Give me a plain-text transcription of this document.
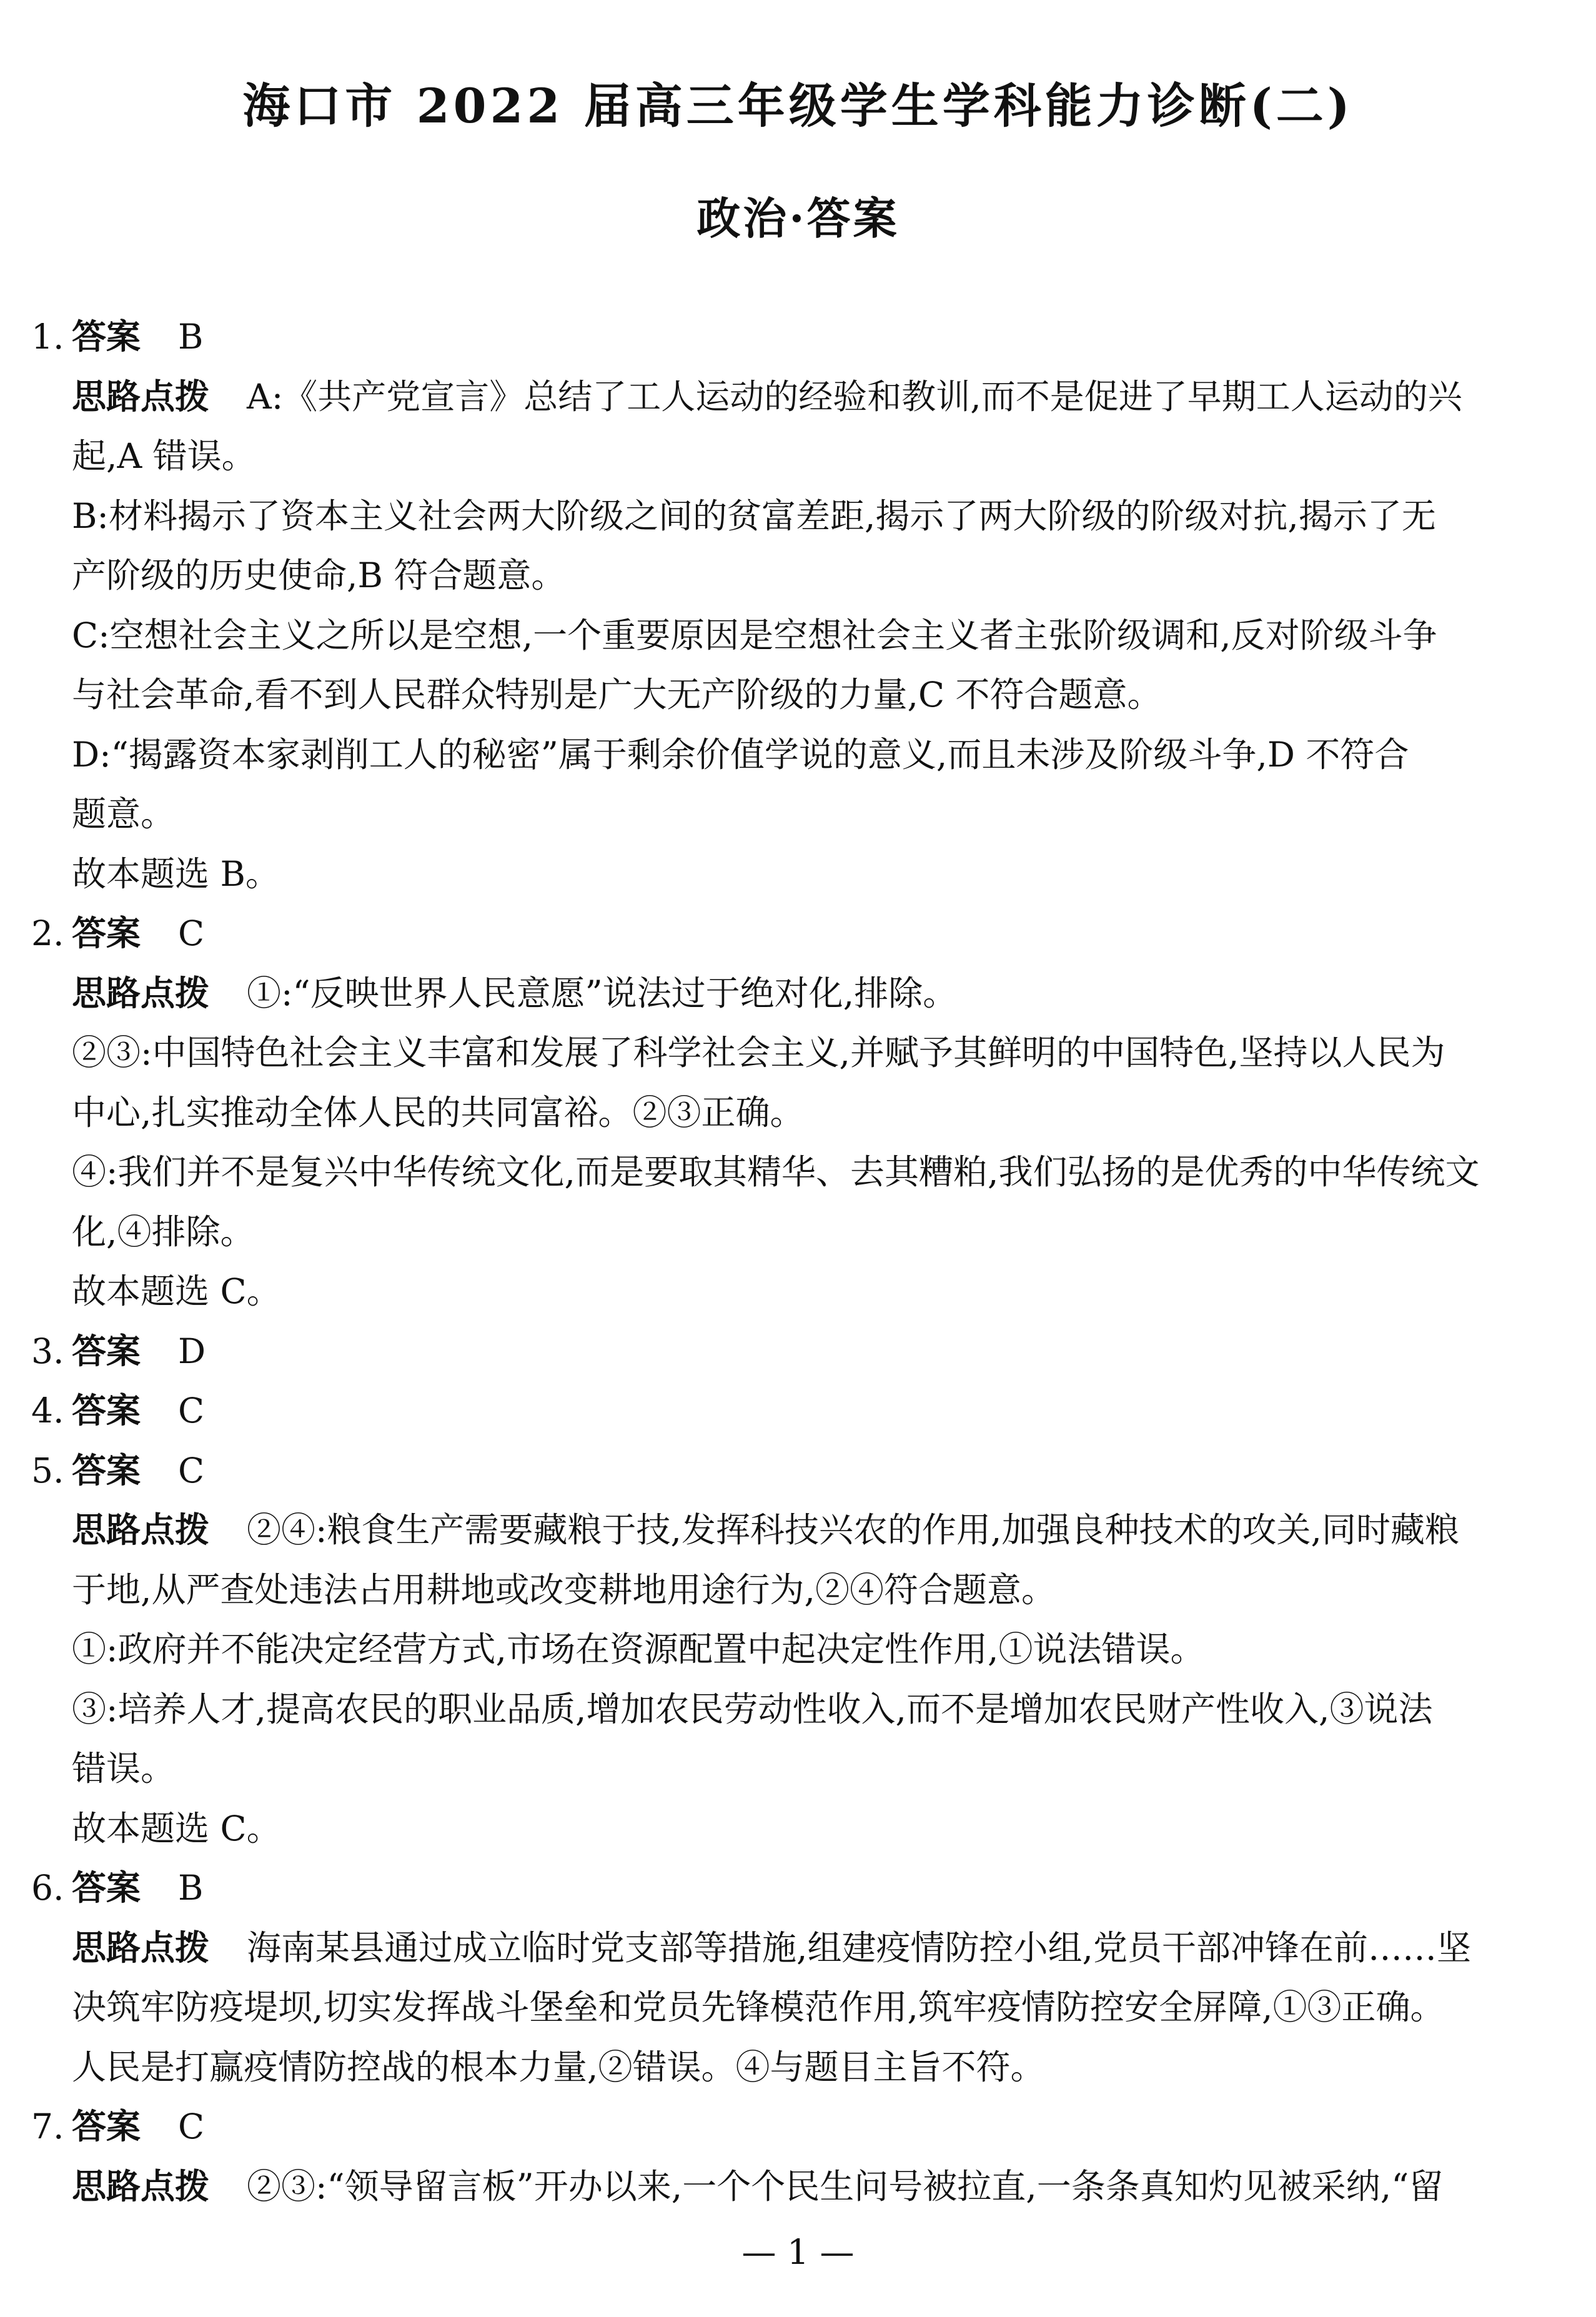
海口市 2022 届高三年级学生学科能力诊断(二)
政治·答案
1. 答案 B
思路点拨 A:《共产党宣言》总结了工人运动的经验和教训,而不是促进了早期工人运动的兴
起,A 错误。
B:材料揭示了资本主义社会两大阶级之间的贫富差距,揭示了两大阶级的阶级对抗,揭示了无
产阶级的历史使命,B 符合题意。
C:空想社会主义之所以是空想,一个重要原因是空想社会主义者主张阶级调和,反对阶级斗争
与社会革命,看不到人民群众特别是广大无产阶级的力量,C 不符合题意。
D:“揭露资本家剥削工人的秘密”属于剩余价值学说的意义,而且未涉及阶级斗争,D 不符合
题意。
故本题选 B。
2. 答案 C
思路点拨 ①:“反映世界人民意愿”说法过于绝对化,排除。
②③:中国特色社会主义丰富和发展了科学社会主义,并赋予其鲜明的中国特色,坚持以人民为
中心,扎实推动全体人民的共同富裕。②③正确。
④:我们并不是复兴中华传统文化,而是要取其精华、去其糟粕,我们弘扬的是优秀的中华传统文
化,④排除。
故本题选 C。
3. 答案 D
4. 答案 C
5. 答案 C
思路点拨 ②④:粮食生产需要藏粮于技,发挥科技兴农的作用,加强良种技术的攻关,同时藏粮
于地,从严查处违法占用耕地或改变耕地用途行为,②④符合题意。
①:政府并不能决定经营方式,市场在资源配置中起决定性作用,①说法错误。
③:培养人才,提高农民的职业品质,增加农民劳动性收入,而不是增加农民财产性收入,③说法
错误。
故本题选 C。
6. 答案 B
思路点拨 海南某县通过成立临时党支部等措施,组建疫情防控小组,党员干部冲锋在前……坚
决筑牢防疫堤坝,切实发挥战斗堡垒和党员先锋模范作用,筑牢疫情防控安全屏障,①③正确。
人民是打赢疫情防控战的根本力量,②错误。④与题目主旨不符。
7. 答案 C
思路点拨 ②③:“领导留言板”开办以来,一个个民生问号被拉直,一条条真知灼见被采纳,“留
— 1 —
